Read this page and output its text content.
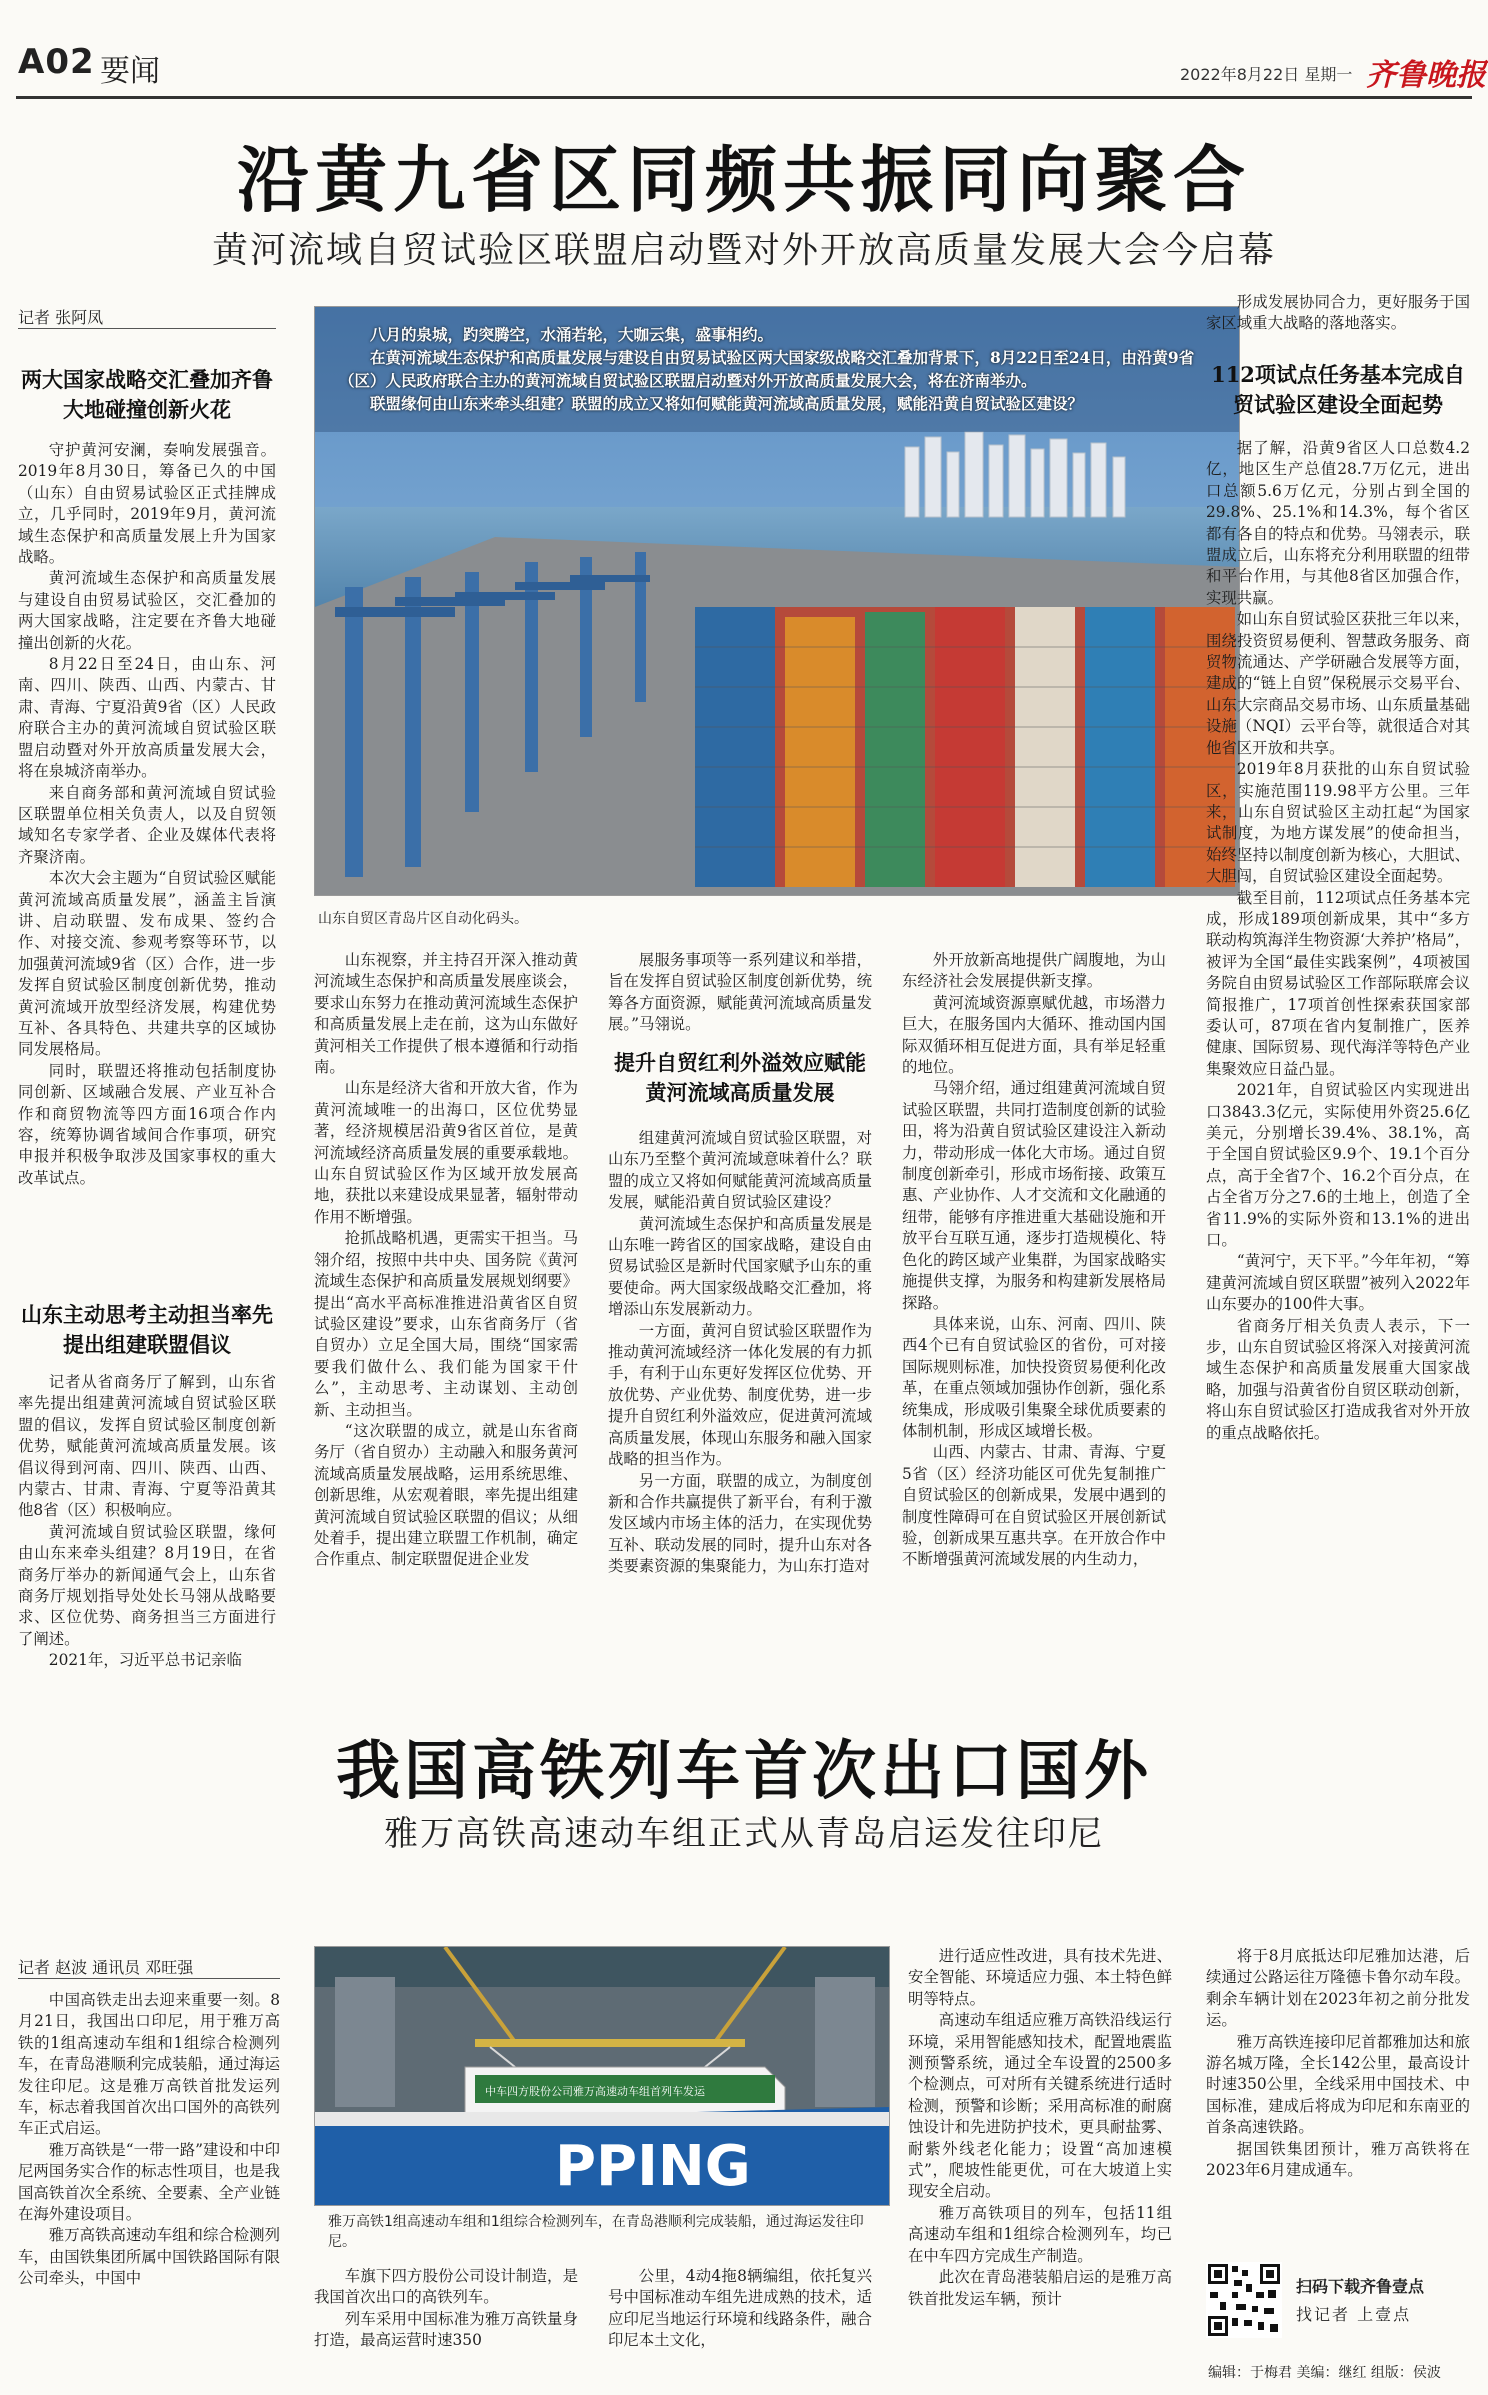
A02 要闻	2022年8月22日 星期一 齐鲁晚报
沿黄九省区同频共振同向聚合
黄河流域自贸试验区联盟启动暨对外开放高质量发展大会今启幕
记者 张阿凤
两大国家战略交汇叠加齐鲁大地碰撞创新火花

守护黄河安澜，奏响发展强音。2019年8月30日，筹备已久的中国（山东）自由贸易试验区正式挂牌成立，几乎同时，2019年9月，黄河流域生态保护和高质量发展上升为国家战略。

黄河流域生态保护和高质量发展与建设自由贸易试验区，交汇叠加的两大国家战略，注定要在齐鲁大地碰撞出创新的火花。

8月22日至24日，由山东、河南、四川、陕西、山西、内蒙古、甘肃、青海、宁夏沿黄9省（区）人民政府联合主办的黄河流域自贸试验区联盟启动暨对外开放高质量发展大会，将在泉城济南举办。

来自商务部和黄河流域自贸试验区联盟单位相关负责人，以及自贸领域知名专家学者、企业及媒体代表将齐聚济南。

本次大会主题为“自贸试验区赋能黄河流域高质量发展”，涵盖主旨演讲、启动联盟、发布成果、签约合作、对接交流、参观考察等环节，以加强黄河流域9省（区）合作，进一步发挥自贸试验区制度创新优势，推动黄河流域开放型经济发展，构建优势互补、各具特色、共建共享的区域协同发展格局。

同时，联盟还将推动包括制度协同创新、区域融合发展、产业互补合作和商贸物流等四方面16项合作内容，统筹协调省域间合作事项，研究申报并积极争取涉及国家事权的重大改革试点。

山东主动思考主动担当率先提出组建联盟倡议

记者从省商务厅了解到，山东省率先提出组建黄河流域自贸试验区联盟的倡议，发挥自贸试验区制度创新优势，赋能黄河流域高质量发展。该倡议得到河南、四川、陕西、山西、内蒙古、甘肃、青海、宁夏等沿黄其他8省（区）积极响应。

黄河流域自贸试验区联盟，缘何由山东来牵头组建？8月19日，在省商务厅举办的新闻通气会上，山东省商务厅规划指导处处长马翎从战略要求、区位优势、商务担当三方面进行了阐述。

2021年，习近平总书记亲临

八月的泉城，趵突腾空，水涌若轮，大咖云集，盛事相约。
在黄河流域生态保护和高质量发展与建设自由贸易试验区两大国家级战略交汇叠加背景下，8月22日至24日，由沿黄9省（区）人民政府联合主办的黄河流域自贸试验区联盟启动暨对外开放高质量发展大会，将在济南举办。
联盟缘何由山东来牵头组建？联盟的成立又将如何赋能黄河流域高质量发展，赋能沿黄自贸试验区建设？
山东自贸区青岛片区自动化码头。

山东视察，并主持召开深入推动黄河流域生态保护和高质量发展座谈会，要求山东努力在推动黄河流域生态保护和高质量发展上走在前，这为山东做好黄河相关工作提供了根本遵循和行动指南。

山东是经济大省和开放大省，作为黄河流域唯一的出海口，区位优势显著，经济规模居沿黄9省区首位，是黄河流域经济高质量发展的重要承载地。山东自贸试验区作为区域开放发展高地，获批以来建设成果显著，辐射带动作用不断增强。

抢抓战略机遇，更需实干担当。马翎介绍，按照中共中央、国务院《黄河流域生态保护和高质量发展规划纲要》提出“高水平高标准推进沿黄省区自贸试验区建设”要求，山东省商务厅（省自贸办）立足全国大局，围绕“国家需要我们做什么、我们能为国家干什么”，主动思考、主动谋划、主动创新、主动担当。

“这次联盟的成立，就是山东省商务厅（省自贸办）主动融入和服务黄河流域高质量发展战略，运用系统思维、创新思维，从宏观着眼，率先提出组建黄河流域自贸试验区联盟的倡议；从细处着手，提出建立联盟工作机制，确定合作重点、制定联盟促进企业发

展服务事项等一系列建议和举措，旨在发挥自贸试验区制度创新优势，统筹各方面资源，赋能黄河流域高质量发展。”马翎说。

提升自贸红利外溢效应赋能黄河流域高质量发展

组建黄河流域自贸试验区联盟，对山东乃至整个黄河流域意味着什么？联盟的成立又将如何赋能黄河流域高质量发展，赋能沿黄自贸试验区建设？

黄河流域生态保护和高质量发展是山东唯一跨省区的国家战略，建设自由贸易试验区是新时代国家赋予山东的重要使命。两大国家级战略交汇叠加，将增添山东发展新动力。

一方面，黄河自贸试验区联盟作为推动黄河流域经济一体化发展的有力抓手，有利于山东更好发挥区位优势、开放优势、产业优势、制度优势，进一步提升自贸红利外溢效应，促进黄河流域高质量发展，体现山东服务和融入国家战略的担当作为。

另一方面，联盟的成立，为制度创新和合作共赢提供了新平台，有利于激发区域内市场主体的活力，在实现优势互补、联动发展的同时，提升山东对各类要素资源的集聚能力，为山东打造对

外开放新高地提供广阔腹地，为山东经济社会发展提供新支撑。

黄河流域资源禀赋优越，市场潜力巨大，在服务国内大循环、推动国内国际双循环相互促进方面，具有举足轻重的地位。

马翎介绍，通过组建黄河流域自贸试验区联盟，共同打造制度创新的试验田，将为沿黄自贸试验区建设注入新动力，带动形成一体化大市场。通过自贸制度创新牵引，形成市场衔接、政策互惠、产业协作、人才交流和文化融通的纽带，能够有序推进重大基础设施和开放平台互联互通，逐步打造规模化、特色化的跨区域产业集群，为国家战略实施提供支撑，为服务和构建新发展格局探路。

具体来说，山东、河南、四川、陕西4个已有自贸试验区的省份，可对接国际规则标准，加快投资贸易便利化改革，在重点领域加强协作创新，强化系统集成，形成吸引集聚全球优质要素的体制机制，形成区域增长极。

山西、内蒙古、甘肃、青海、宁夏5省（区）经济功能区可优先复制推广自贸试验区的创新成果，发展中遇到的制度性障碍可在自贸试验区开展创新试验，创新成果互惠共享。在开放合作中不断增强黄河流域发展的内生动力，

形成发展协同合力，更好服务于国家区域重大战略的落地落实。

112项试点任务基本完成自贸试验区建设全面起势

据了解，沿黄9省区人口总数4.2亿，地区生产总值28.7万亿元，进出口总额5.6万亿元，分别占到全国的29.8%、25.1%和14.3%，每个省区都有各自的特点和优势。马翎表示，联盟成立后，山东将充分利用联盟的纽带和平台作用，与其他8省区加强合作，实现共赢。

如山东自贸试验区获批三年以来，围绕投资贸易便利、智慧政务服务、商贸物流通达、产学研融合发展等方面，建成的“链上自贸”保税展示交易平台、山东大宗商品交易市场、山东质量基础设施（NQI）云平台等，就很适合对其他省区开放和共享。

2019年8月获批的山东自贸试验区，实施范围119.98平方公里。三年来，山东自贸试验区主动扛起“为国家试制度，为地方谋发展”的使命担当，始终坚持以制度创新为核心，大胆试、大胆闯，自贸试验区建设全面起势。

截至目前，112项试点任务基本完成，形成189项创新成果，其中“多方联动构筑海洋生物资源‘大养护’格局”，被评为全国“最佳实践案例”，4项被国务院自由贸易试验区工作部际联席会议简报推广，17项首创性探索获国家部委认可，87项在省内复制推广，医养健康、国际贸易、现代海洋等特色产业集聚效应日益凸显。

2021年，自贸试验区内实现进出口3843.3亿元，实际使用外资25.6亿美元，分别增长39.4%、38.1%，高于全国自贸试验区9.9个、19.1个百分点，高于全省7个、16.2个百分点，在占全省万分之7.6的土地上，创造了全省11.9%的实际外资和13.1%的进出口。

“黄河宁，天下平。”今年年初，“筹建黄河流域自贸区联盟”被列入2022年山东要办的100件大事。

省商务厅相关负责人表示，下一步，山东自贸试验区将深入对接黄河流域生态保护和高质量发展重大国家战略，加强与沿黄省份自贸区联动创新，将山东自贸试验区打造成我省对外开放的重点战略依托。

我国高铁列车首次出口国外
雅万高铁高速动车组正式从青岛启运发往印尼
记者 赵波 通讯员 邓旺强

中国高铁走出去迎来重要一刻。8月21日，我国出口印尼，用于雅万高铁的1组高速动车组和1组综合检测列车，在青岛港顺利完成装船，通过海运发往印尼。这是雅万高铁首批发运列车，标志着我国首次出口国外的高铁列车正式启运。

雅万高铁是“一带一路”建设和中印尼两国务实合作的标志性项目，也是我国高铁首次全系统、全要素、全产业链在海外建设项目。

雅万高铁高速动车组和综合检测列车，由国铁集团所属中国铁路国际有限公司牵头，中国中

中车四方股份公司雅万高速动车组首列车发运
PPING
雅万高铁1组高速动车组和1组综合检测列车，在青岛港顺利完成装船，通过海运发往印尼。

车旗下四方股份公司设计制造，是我国首次出口的高铁列车。

列车采用中国标准为雅万高铁量身打造，最高运营时速350

公里，4动4拖8辆编组，依托复兴号中国标准动车组先进成熟的技术，适应印尼当地运行环境和线路条件，融合印尼本土文化，

进行适应性改进，具有技术先进、安全智能、环境适应力强、本土特色鲜明等特点。

高速动车组适应雅万高铁沿线运行环境，采用智能感知技术，配置地震监测预警系统，通过全车设置的2500多个检测点，可对所有关键系统进行适时检测，预警和诊断；采用高标准的耐腐蚀设计和先进防护技术，更具耐盐雾、耐紫外线老化能力；设置“高加速模式”，爬坡性能更优，可在大坡道上实现安全启动。

雅万高铁项目的列车，包括11组高速动车组和1组综合检测列车，均已在中车四方完成生产制造。

此次在青岛港装船启运的是雅万高铁首批发运车辆，预计

将于8月底抵达印尼雅加达港，后续通过公路运往万隆德卡鲁尔动车段。剩余车辆计划在2023年初之前分批发运。

雅万高铁连接印尼首都雅加达和旅游名城万隆，全长142公里，最高设计时速350公里，全线采用中国技术、中国标准，建成后将成为印尼和东南亚的首条高速铁路。

据国铁集团预计，雅万高铁将在2023年6月建成通车。

扫码下载齐鲁壹点
找记者 上壹点
编辑：于梅君 美编：继红 组版：侯波
